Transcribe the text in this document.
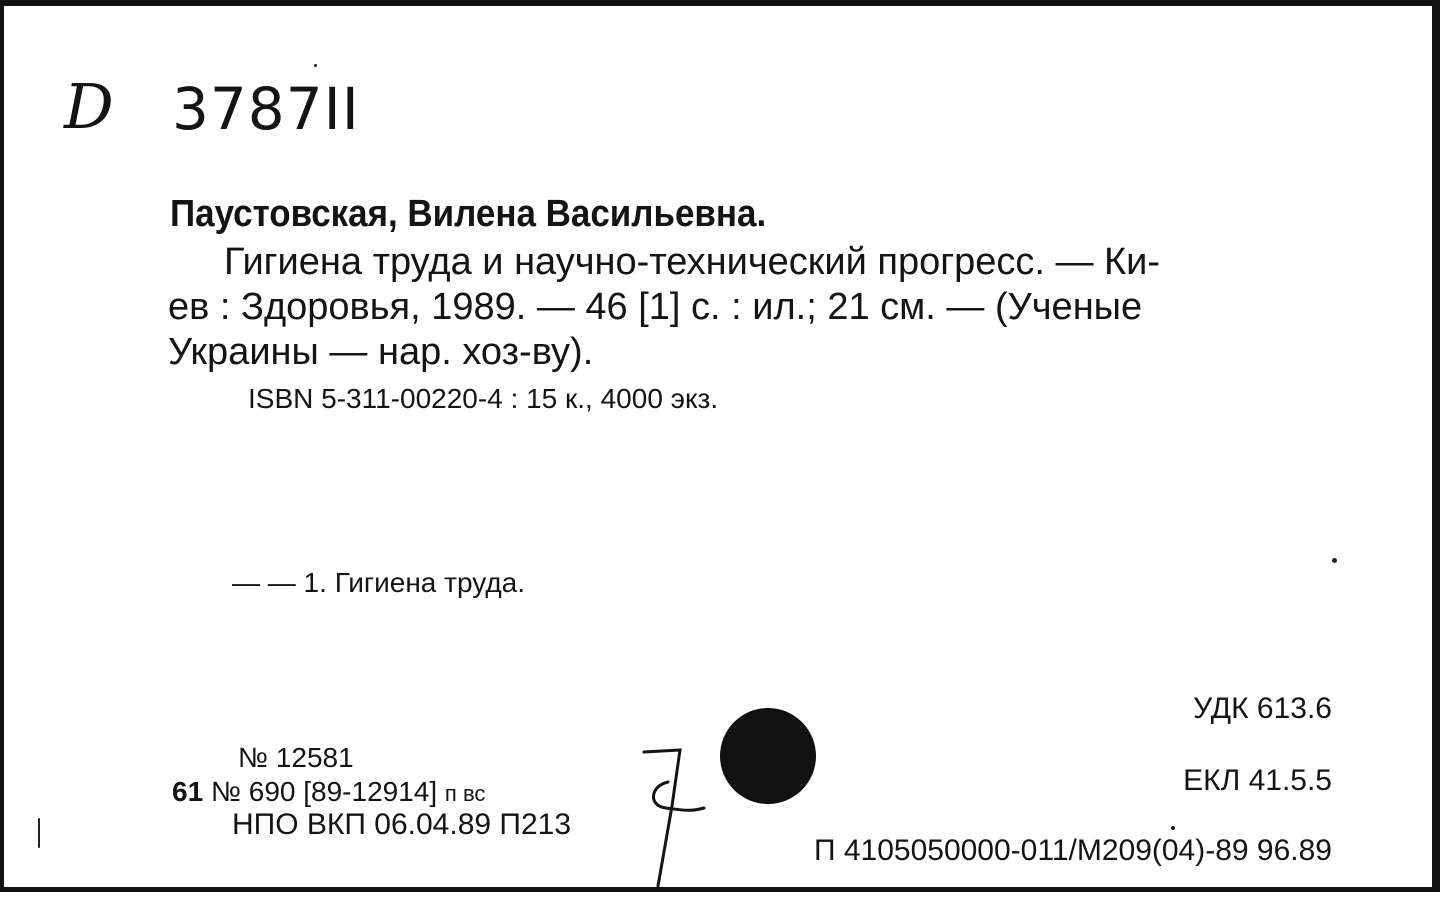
D 3787II
Паустовская, Вилена Васильевна.
Гигиена труда и научно-технический прогресс. — Ки-
ев : Здоровья, 1989. — 46 [1] с. : ил.; 21 см. — (Ученые
Украины — нар. хоз-ву).
ISBN 5-311-00220-4 : 15 к., 4000 экз.
— — 1. Гигиена труда.
УДК 613.6
ЕКЛ 41.5.5
П 4105050000-011/М209(04)-89 96.89
№ 12581
61 № 690 [89-12914] п вс
НПО ВКП 06.04.89 П213
